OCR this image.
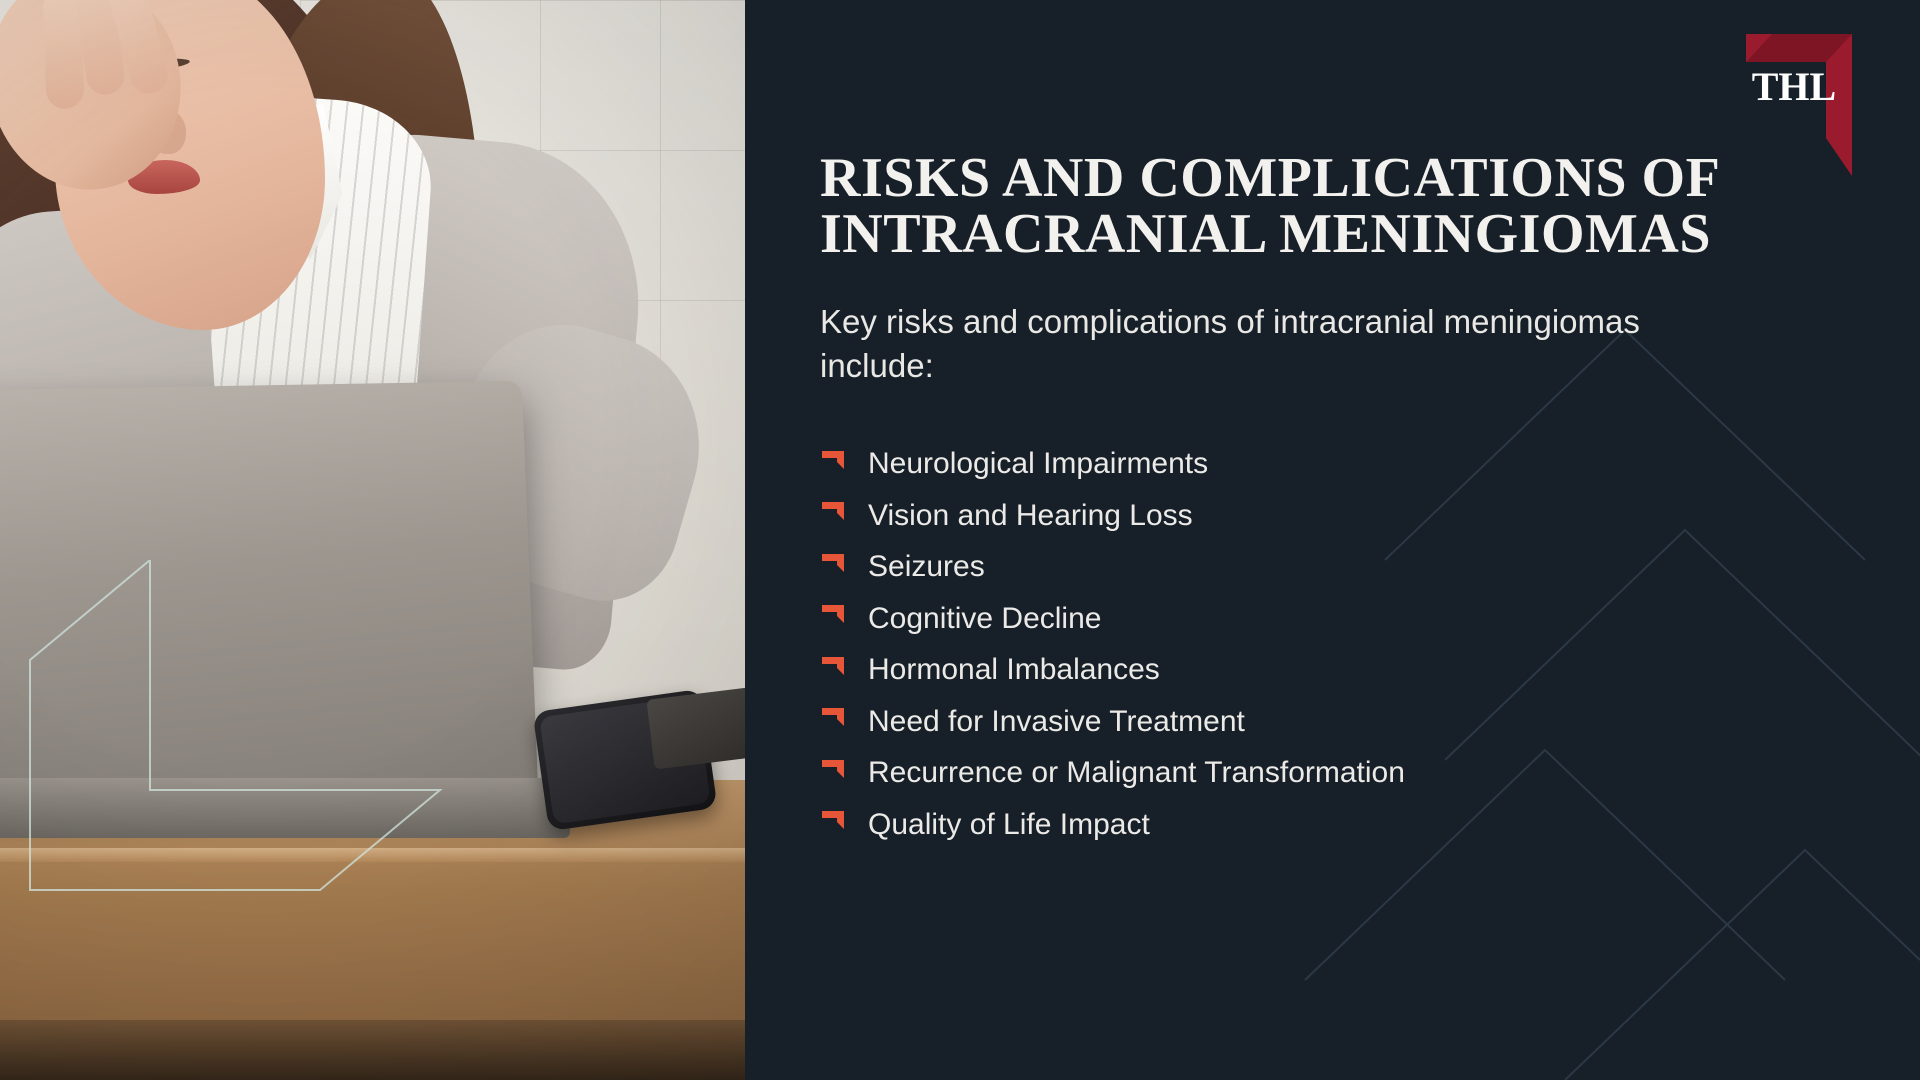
THL
RISKS AND COMPLICATIONS OF INTRACRANIAL MENINGIOMAS

Key risks and complications of intracranial meningiomas include:

Neurological Impairments
Vision and Hearing Loss
Seizures
Cognitive Decline
Hormonal Imbalances
Need for Invasive Treatment
Recurrence or Malignant Transformation
Quality of Life Impact
